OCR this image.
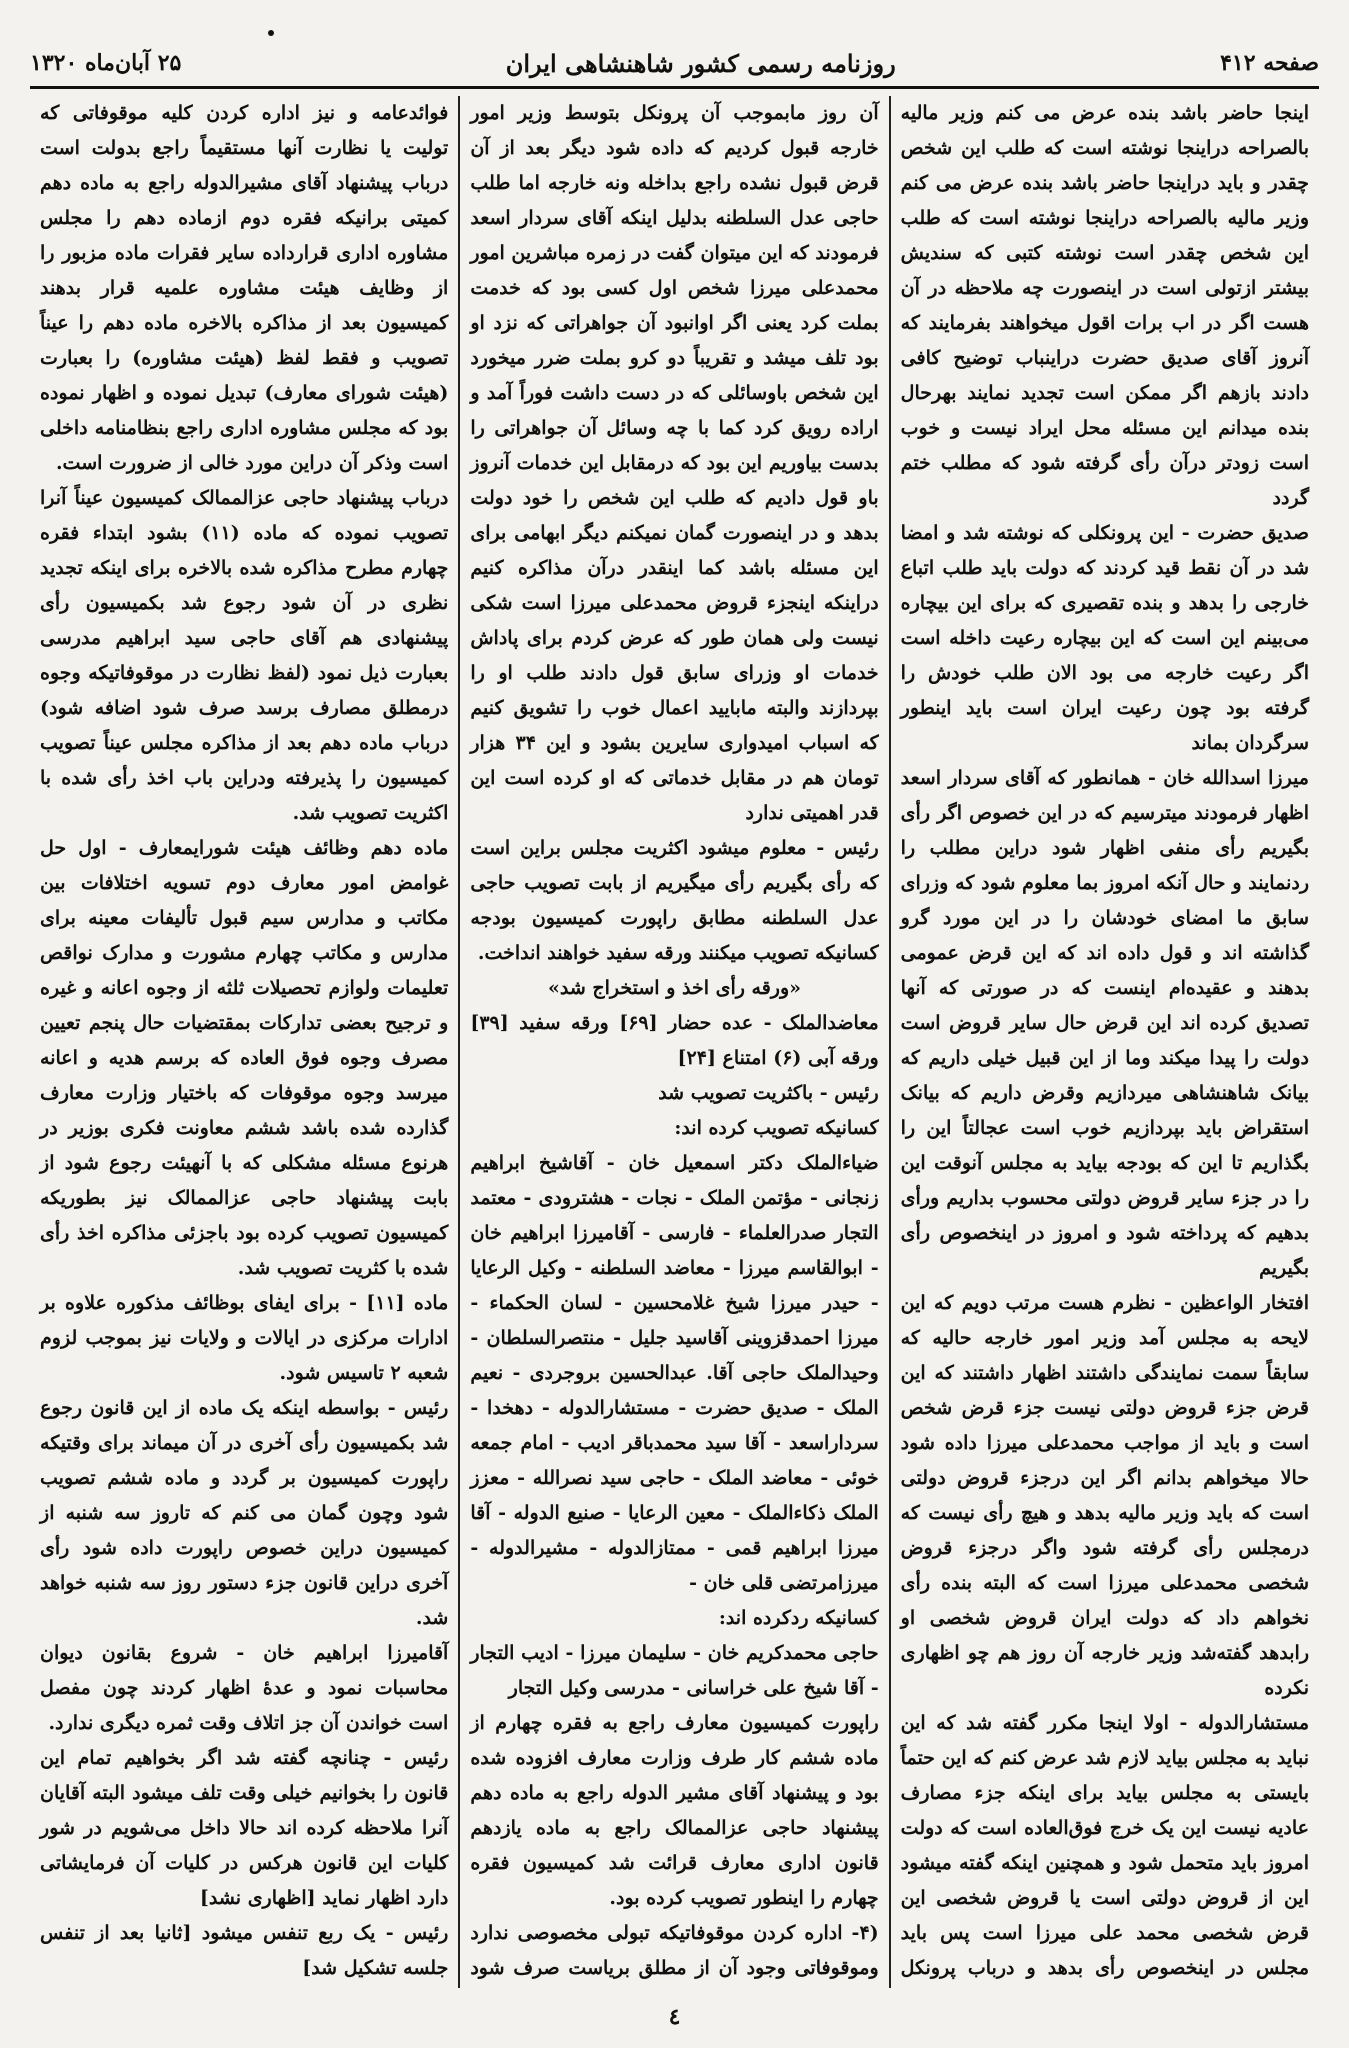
صفحه ۴۱۲
روزنامه رسمی کشور شاهنشاهی ایران
۲۵ آبان‌ماه ۱۳۲۰

اینجا حاضر باشد بنده عرض می کنم وزیر مالیه بالصراحه دراینجا نوشته است که طلب این شخص چقدر و باید دراینجا حاضر باشد بنده عرض می کنم وزیر مالیه بالصراحه دراینجا نوشته است که طلب این شخص چقدر است نوشته کتبی که سندیش بیشتر ازتولی است در اینصورت چه ملاحظه در آن هست اگر در اب برات اقول میخواهند بفرمایند که آنروز آقای صدیق حضرت دراینباب توضیح کافی دادند بازهم اگر ممکن است تجدید نمایند بهرحال بنده میدانم این مسئله محل ایراد نیست و خوب است زودتر درآن رأی گرفته شود که مطلب ختم گردد

صدیق حضرت - این پرونکلی که نوشته شد و امضا شد در آن نقط قید کردند که دولت باید طلب اتباع خارجی را بدهد و بنده تقصیری که برای این بیچاره می‌بینم این است که این بیچاره رعیت داخله است اگر رعیت خارجه می بود الان طلب خودش را گرفته بود چون رعیت ایران است باید اینطور سرگردان بماند

میرزا اسدالله خان - همانطور که آقای سردار اسعد اظهار فرمودند میترسیم که در این خصوص اگر رأی بگیریم رأی منفی اظهار شود دراین مطلب را ردنمایند و حال آنکه امروز بما معلوم شود که وزرای سابق ما امضای خودشان را در این مورد گرو گذاشته اند و قول داده اند که این قرض عمومی بدهند و عقیده‌ام اینست که در صورتی که آنها تصدیق کرده اند این قرض حال سایر قروض است دولت را پیدا میکند وما از این قبیل خیلی داریم که بیانک شاهنشاهی میردازیم وقرض داریم که بیانک استقراض باید بپردازیم خوب است عجالتاً این را بگذاریم تا این که بودجه بیاید به مجلس آنوقت این را در جزء سایر قروض دولتی محسوب بداریم ورأی بدهیم که پرداخته شود و امروز در اینخصوص رأی بگیریم

افتخار الواعظین - نظرم هست مرتب دویم که این لایحه به مجلس آمد وزیر امور خارجه حالیه که سابقاً سمت نمایندگی داشتند اظهار داشتند که این قرض جزء قروض دولتی نیست جزء قرض شخص است و باید از مواجب محمدعلی میرزا داده شود حالا میخواهم بدانم اگر این درجزء قروض دولتی است که باید وزیر مالیه بدهد و هیچ رأی نیست که درمجلس رأی گرفته شود واگر درجزء قروض شخصی محمدعلی میرزا است که البته بنده رأی نخواهم داد که دولت ایران قروض شخصی او رابدهد گفته‌شد وزیر خارجه آن روز هم چو اظهاری نکرده

مستشارالدوله - اولا اینجا مکرر گفته شد که این نباید به مجلس بیاید لازم شد عرض کنم که این حتماً بایستی به مجلس بیاید برای اینکه جزء مصارف عادیه نیست این یک خرج فوق‌العاده است که دولت امروز باید متحمل شود و همچنین اینکه گفته میشود این از قروض دولتی است یا قروض شخصی این قرض شخصی محمد علی میرزا است پس باید مجلس در اینخصوص رأی بدهد و درباب پرونکل

آن روز مابموجب آن پرونکل بتوسط وزیر امور خارجه قبول کردیم که داده شود دیگر بعد از آن قرض قبول نشده راجع بداخله ونه خارجه اما طلب حاجی عدل السلطنه بدلیل اینکه آقای سردار اسعد فرمودند که این میتوان گفت در زمره مباشرین امور محمدعلی میرزا شخص اول کسی بود که خدمت بملت کرد یعنی اگر اوانبود آن جواهراتی که نزد او بود تلف میشد و تقریباً دو کرو بملت ضرر میخورد این شخص باوسائلی که در دست داشت فوراً آمد و اراده رویق کرد کما با چه وسائل آن جواهراتی را بدست بیاوریم این بود که درمقابل این خدمات آنروز باو قول دادیم که طلب این شخص را خود دولت بدهد و در اینصورت گمان نمیکنم دیگر ابهامی برای این مسئله باشد کما اینقدر درآن مذاکره کنیم دراینکه اینجزء قروض محمدعلی میرزا است شکی نیست ولی همان طور که عرض کردم برای پاداش خدمات او وزرای سابق قول دادند طلب او را بپردازند والبته مابایید اعمال خوب را تشویق کنیم که اسباب امیدواری سایرین بشود و این ۳۴ هزار تومان هم در مقابل خدماتی که او کرده است این قدر اهمیتی ندارد

رئیس - معلوم میشود اکثریت مجلس براین است که رأی بگیریم رأی میگیریم از بابت تصویب حاجی عدل السلطنه مطابق راپورت کمیسیون بودجه کسانیکه تصویب میکنند ورقه سفید خواهند انداخت.

«ورقه رأی اخذ و استخراج شد»

معاضدالملک - عده حضار [۶۹] ورقه سفید [۳۹] ورقه آبی (۶) امتناع [۲۴]

رئیس - باکثریت تصویب شد

کسانیکه تصویب کرده اند:

ضیاءالملک دکتر اسمعیل خان - آقاشیخ ابراهیم زنجانی - مؤتمن الملک - نجات - هشترودی - معتمد التجار صدرالعلماء - فارسی - آقامیرزا ابراهیم خان - ابوالقاسم میرزا - معاضد السلطنه - وکیل الرعایا - حیدر میرزا شیخ غلامحسین - لسان الحکماء - میرزا احمدقزوینی آقاسید جلیل - منتصرالسلطان - وحیدالملک حاجی آقا. عبدالحسین بروجردی - نعیم الملک - صدیق حضرت - مستشارالدوله - دهخدا - سرداراسعد - آقا سید محمدباقر ادیب - امام جمعه خوئی - معاضد الملک - حاجی سید نصرالله - معزز الملک ذکاءالملک - معین الرعایا - صنیع الدوله - آقا میرزا ابراهیم قمی - ممتازالدوله - مشیرالدوله - میرزامرتضی قلی خان -

کسانیکه ردکرده اند:

حاجی محمدکریم خان - سلیمان میرزا - ادیب التجار - آقا شیخ علی خراسانی - مدرسی وکیل التجار

راپورت کمیسیون معارف راجع به فقره چهارم از ماده ششم کار طرف وزارت معارف افزوده شده بود و پیشنهاد آقای مشیر الدوله راجع به ماده دهم پیشنهاد حاجی عزالممالک راجع به ماده یازدهم قانون اداری معارف قرائت شد کمیسیون فقره چهارم را اینطور تصویب کرده بود.

(۴- اداره کردن موقوفاتیکه تبولی مخصوصی ندارد وموقوفاتی وجود آن از مطلق بریاست صرف شود

فوائدعامه و نیز اداره کردن کلیه موقوفاتی که تولیت یا نظارت آنها مستقیماً راجع بدولت است درباب پیشنهاد آقای مشیرالدوله راجع به ماده دهم کمیتی برانیکه فقره دوم ازماده دهم را مجلس مشاوره اداری قرارداده سایر فقرات ماده مزبور را از وظایف هیئت مشاوره علمیه قرار بدهند کمیسیون بعد از مذاکره بالاخره ماده دهم را عیناً تصویب و فقط لفظ (هیئت مشاوره) را بعبارت (هیئت شورای معارف) تبدیل نموده و اظهار نموده بود که مجلس مشاوره اداری راجع بنظامنامه داخلی است وذکر آن دراین مورد خالی از ضرورت است.

درباب پیشنهاد حاجی عزالممالک کمیسیون عیناً آنرا تصویب نموده که ماده (۱۱) بشود ابتداء فقره چهارم مطرح مذاکره شده بالاخره برای اینکه تجدید نظری در آن شود رجوع شد بکمیسیون رأی پیشنهادی هم آقای حاجی سید ابراهیم مدرسی بعبارت ذیل نمود (لفظ نظارت در موقوفاتیکه وجوه درمطلق مصارف برسد صرف شود اضافه شود) درباب ماده دهم بعد از مذاکره مجلس عیناً تصویب کمیسیون را پذیرفته ودراین باب اخذ رأی شده با اکثریت تصویب شد.

ماده دهم وظائف هیئت شورایمعارف - اول حل غوامض امور معارف دوم تسویه اختلافات بین مکاتب و مدارس سیم قبول تألیفات معینه برای مدارس و مکاتب چهارم مشورت و مدارک نواقص تعلیمات ولوازم تحصیلات ثلثه از وجوه اعانه و غیره و ترجیح بعضی تدارکات بمقتضیات حال پنجم تعیین مصرف وجوه فوق العاده که برسم هدیه و اعانه میرسد وجوه موقوفات که باختیار وزارت معارف گذارده شده باشد ششم معاونت فکری بوزیر در هرنوع مسئله مشکلی که با آنهیئت رجوع شود از بابت پیشنهاد حاجی عزالممالک نیز بطوریکه کمیسیون تصویب کرده بود باجزئی مذاکره اخذ رأی شده با کثریت تصویب شد.

ماده [۱۱] - برای ایفای بوظائف مذکوره علاوه بر ادارات مرکزی در ایالات و ولایات نیز بموجب لزوم شعبه ۲ تاسیس شود.

رئیس - بواسطه اینکه یک ماده از این قانون رجوع شد بکمیسیون رأی آخری در آن میماند برای وقتیکه راپورت کمیسیون بر گردد و ماده ششم تصویب شود وچون گمان می کنم که تاروز سه شنبه از کمیسیون دراین خصوص راپورت داده شود رأی آخری دراین قانون جزء دستور روز سه شنبه خواهد شد.

آقامیرزا ابراهیم خان - شروع بقانون دیوان محاسبات نمود و عدهٔ اظهار کردند چون مفصل است خواندن آن جز اتلاف وقت ثمره دیگری ندارد.

رئیس - چنانچه گفته شد اگر بخواهیم تمام این قانون را بخوانیم خیلی وقت تلف میشود البته آقایان آنرا ملاحظه کرده اند حالا داخل می‌شویم در شور کلیات این قانون هرکس در کلیات آن فرمایشاتی دارد اظهار نماید [اظهاری نشد]

رئیس - یک ربع تنفس میشود [ثانیا بعد از تنفس جلسه تشکیل شد]

٤
